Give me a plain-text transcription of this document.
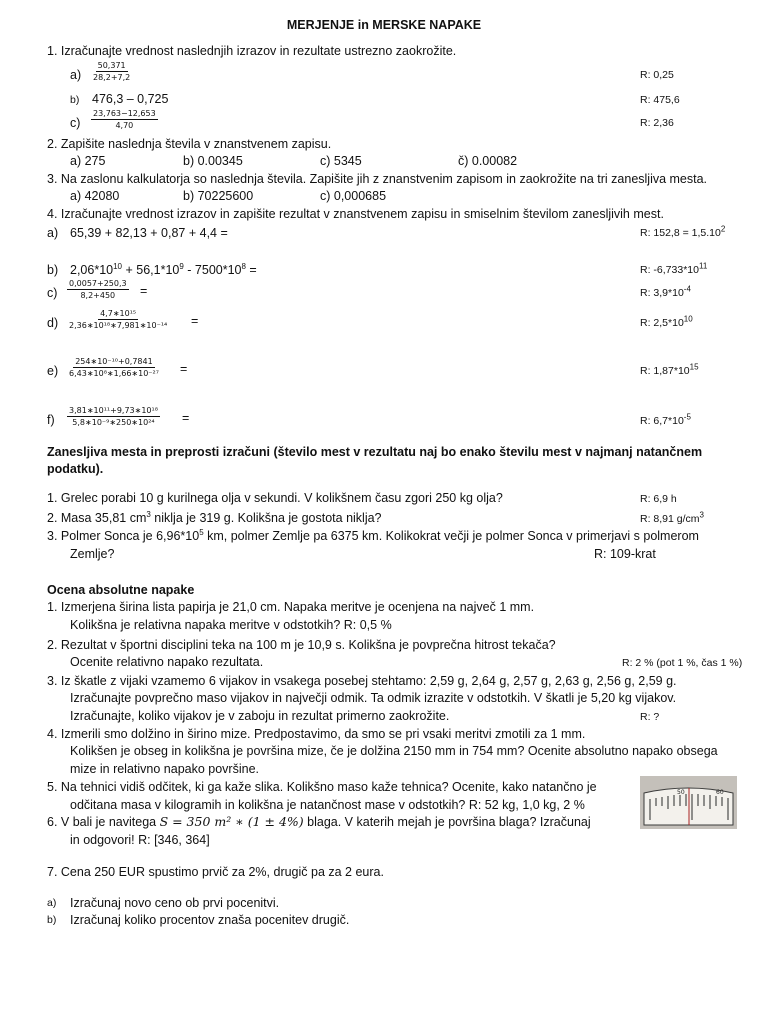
MERJENJE in MERSKE NAPAKE
1. Izračunajte vrednost naslednjih izrazov in rezultate ustrezno zaokrožite.
$a) \frac{50,371}{28,2+7,2}$	R: 0,25
b) 476,3 – 0,725	R: 475,6
$c) \frac{23,763-12,653}{4,70}$	R: 2,36
2. Zapišite naslednja števila v znanstvenem zapisu.
a) 275	b) 0.00345	c) 5345	č) 0.00082
3. Na zaslonu kalkulatorja so naslednja števila. Zapišite jih z znanstvenim zapisom in zaokrožite na tri zanesljiva mesta.
a) 42080	b) 70225600	c) 0,000685
4. Izračunajte vrednost izrazov in zapišite rezultat v znanstvenem zapisu in smiselnim številom zanesljivih mest.
a) 65,39 + 82,13 + 0,87 + 4,4 =	R: $152,8 = 1,5.10^2$
b) $2,06*10^{10} + 56,1*10^9 - 7500*10^8$ =	R: $-6,733*10^{11}$
$c) \frac{0,0057+250,3}{8,2+450}$ =	R: $3,9*10^{-4}$
$d) \frac{\text{4,7∗10¹⁵}}{\text{2,36∗10¹⁸∗7,981∗10⁻¹⁴}}$ =	R: $2,5*10^{10}$
$e) \frac{\text{254∗10⁻¹⁰+0,7841}}{\text{6,43∗10⁸∗1,66∗10⁻²⁷}}$ =	R: $1,87*10^{15}$
$f) \frac{\text{3,81∗10¹¹+9,73∗10¹⁸}}{\text{5,8∗10⁻⁹∗250∗10²⁴}}$ =	R: $6,7*10^{-5}$
Zanesljiva mesta in preprosti izračuni (število mest v rezultatu naj bo enako številu mest v najmanj natančnem
podatku).
1. Grelec porabi 10 g kurilnega olja v sekundi. V kolikšnem času zgori 250 kg olja?	R: 6,9 h
2. Masa 35,81 $cm^3$ niklja je 319 g. Kolikšna je gostota niklja?	R: 8,91 $g/cm^3$
3. Polmer Sonca je $6,96*10^5$ km, polmer Zemlje pa 6375 km. Kolikokrat večji je polmer Sonca v primerjavi s polmerom
Zemlje?	R: 109-krat
Ocena absolutne napake
1. Izmerjena širina lista papirja je 21,0 cm. Napaka meritve je ocenjena na največ 1 mm.
Kolikšna je relativna napaka meritve v odstotkih? R: 0,5 %
2. Rezultat v športni disciplini teka na 100 m je 10,9 s. Kolikšna je povprečna hitrost tekača?
Ocenite relativno napako rezultata.	R: 2 % (pot 1 %, čas 1 %)
3. Iz škatle z vijaki vzamemo 6 vijakov in vsakega posebej stehtamo: 2,59 g, 2,64 g, 2,57 g, 2,63 g, 2,56 g, 2,59 g.
Izračunajte povprečno maso vijakov in največji odmik. Ta odmik izrazite v odstotkih. V škatli je 5,20 kg vijakov.
Izračunajte, koliko vijakov je v zaboju in rezultat primerno zaokrožite.	R: ?
4. Izmerili smo dolžino in širino mize. Predpostavimo, da smo se pri vsaki meritvi zmotili za 1 mm.
Kolikšen je obseg in kolikšna je površina mize, če je dolžina 2150 mm in 754 mm? Ocenite absolutno napako obsega
mize in relativno napako površine.
5. Na tehnici vidiš odčitek, ki ga kaže slika. Kolikšno maso kaže tehnica? Ocenite, kako natančno je
odčitana masa v kilogramih in kolikšna je natančnost mase v odstotkih? R: 52 kg, 1,0 kg, 2 %
6. V bali je navitega S = 350 m² ∗ (1 ± 4%) blaga. V katerih mejah je površina blaga? Izračunaj
in odgovori! R: [346, 364]
50	60
7. Cena 250 EUR spustimo prvič za 2%, drugič pa za 2 eura.
a) Izračunaj novo ceno ob prvi pocenitvi.
b) Izračunaj koliko procentov znaša pocenitev drugič.
